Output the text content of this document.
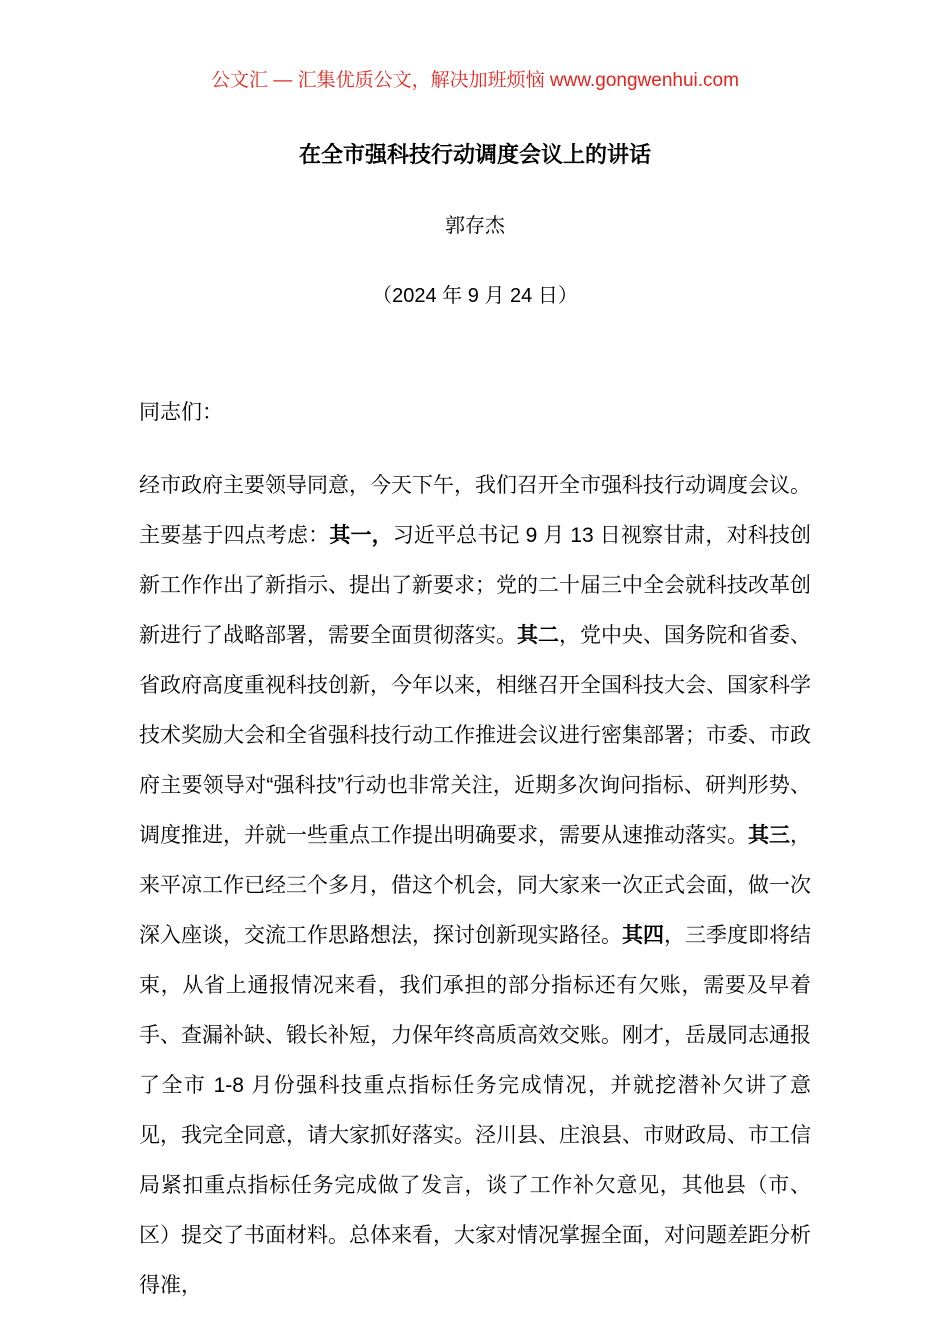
公文汇 — 汇集优质公文，解决加班烦恼 www.gongwenhui.com
在全市强科技行动调度会议上的讲话
郭存杰
（2024 年 9 月 24 日）

同志们：

经市政府主要领导同意，今天下午，我们召开全市强科技行动调度会议。主要基于四点考虑：其一，习近平总书记 9 月 13 日视察甘肃，对科技创新工作作出了新指示、提出了新要求；党的二十届三中全会就科技改革创新进行了战略部署，需要全面贯彻落实。其二，党中央、国务院和省委、省政府高度重视科技创新，今年以来，相继召开全国科技大会、国家科学技术奖励大会和全省强科技行动工作推进会议进行密集部署；市委、市政府主要领导对“强科技”行动也非常关注，近期多次询问指标、研判形势、调度推进，并就一些重点工作提出明确要求，需要从速推动落实。其三，来平凉工作已经三个多月，借这个机会，同大家来一次正式会面，做一次深入座谈，交流工作思路想法，探讨创新现实路径。其四，三季度即将结束，从省上通报情况来看，我们承担的部分指标还有欠账，需要及早着手、查漏补缺、锻长补短，力保年终高质高效交账。刚才，岳晟同志通报了全市 1-8 月份强科技重点指标任务完成情况，并就挖潜补欠讲了意见，我完全同意，请大家抓好落实。泾川县、庄浪县、市财政局、市工信局紧扣重点指标任务完成做了发言，谈了工作补欠意见，其他县（市、区）提交了书面材料。总体来看，大家对情况掌握全面，对问题差距分析得准，
